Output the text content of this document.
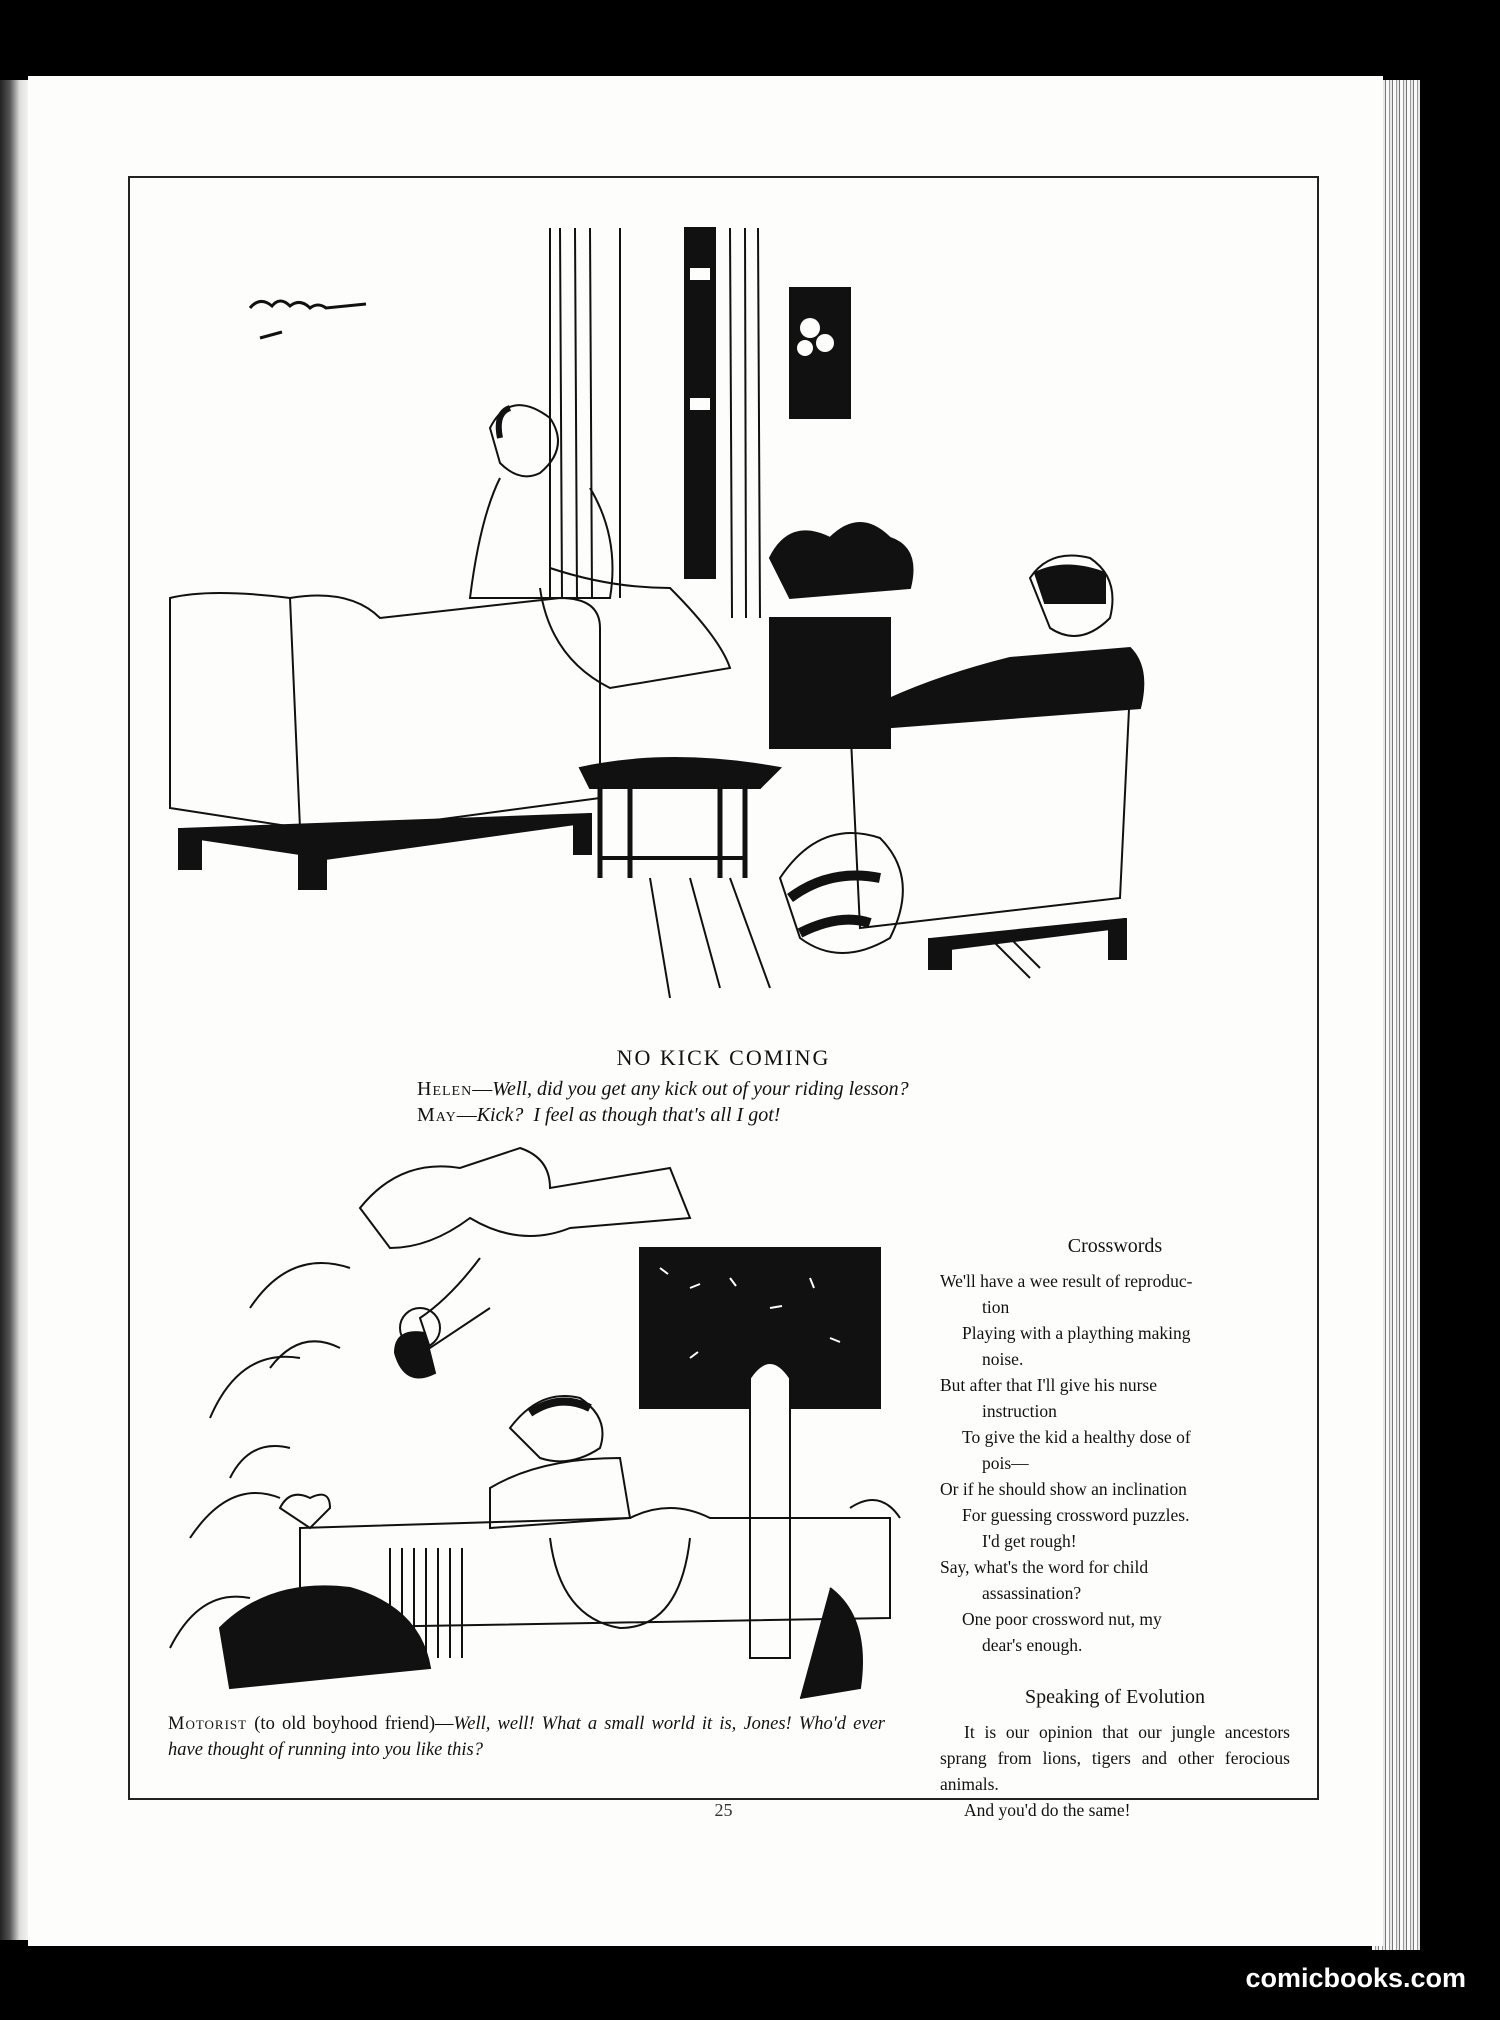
NO KICK COMING
Helen—Well, did you get any kick out of your riding lesson?
May—Kick? I feel as though that's all I got!
Motorist (to old boyhood friend)—Well, well! What a small world it is, Jones! Who'd ever have thought of running into you like this?
Crosswords

We'll have a wee result of reproduc-

tion

Playing with a plaything making

noise.

But after that I'll give his nurse

instruction

To give the kid a healthy dose of

pois—

Or if he should show an inclination

For guessing crossword puzzles.

I'd get rough!

Say, what's the word for child

assassination?

One poor crossword nut, my

dear's enough.

Speaking of Evolution

It is our opinion that our jungle ancestors sprang from lions, tigers and other ferocious animals.

And you'd do the same!

25
comicbooks.com
